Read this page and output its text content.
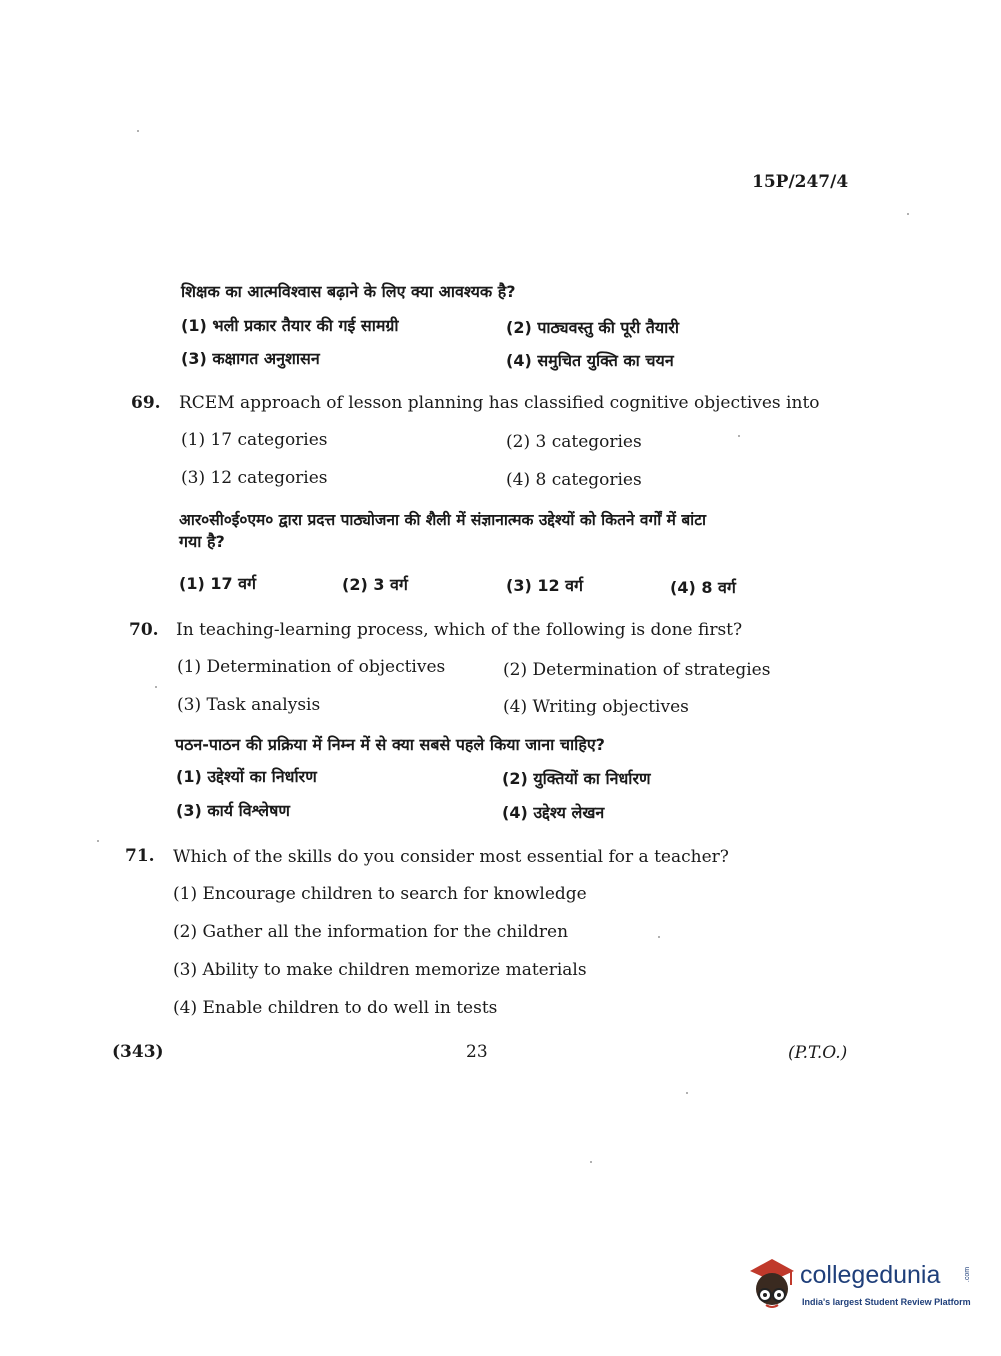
15P/247/4
शिक्षक का आत्मविश्वास बढ़ाने के लिए क्या आवश्यक है?
(1) भली प्रकार तैयार की गई सामग्री	(2) पाठ्यवस्तु की पूरी तैयारी
(3) कक्षागत अनुशासन	(4) समुचित युक्ति का चयन
69. RCEM approach of lesson planning has classified cognitive objectives into
(1) 17 categories	(2) 3 categories
(3) 12 categories	(4) 8 categories
आर०सी०ई०एम० द्वारा प्रदत्त पाठ्योजना की शैली में संज्ञानात्मक उद्देश्यों को कितने वर्गों में बांटा
गया है?
(1) 17 वर्ग	(2) 3 वर्ग	(3) 12 वर्ग	(4) 8 वर्ग
70. In teaching-learning process, which of the following is done first?
(1) Determination of objectives	(2) Determination of strategies
(3) Task analysis	(4) Writing objectives
पठन-पाठन की प्रक्रिया में निम्न में से क्या सबसे पहले किया जाना चाहिए?
(1) उद्देश्यों का निर्धारण	(2) युक्तियों का निर्धारण
(3) कार्य विश्लेषण	(4) उद्देश्य लेखन
71. Which of the skills do you consider most essential for a teacher?
(1) Encourage children to search for knowledge
(2) Gather all the information for the children
(3) Ability to make children memorize materials
(4) Enable children to do well in tests
(343)	23	(P.T.O.)
collegedunia	.com
India's largest Student Review Platform
